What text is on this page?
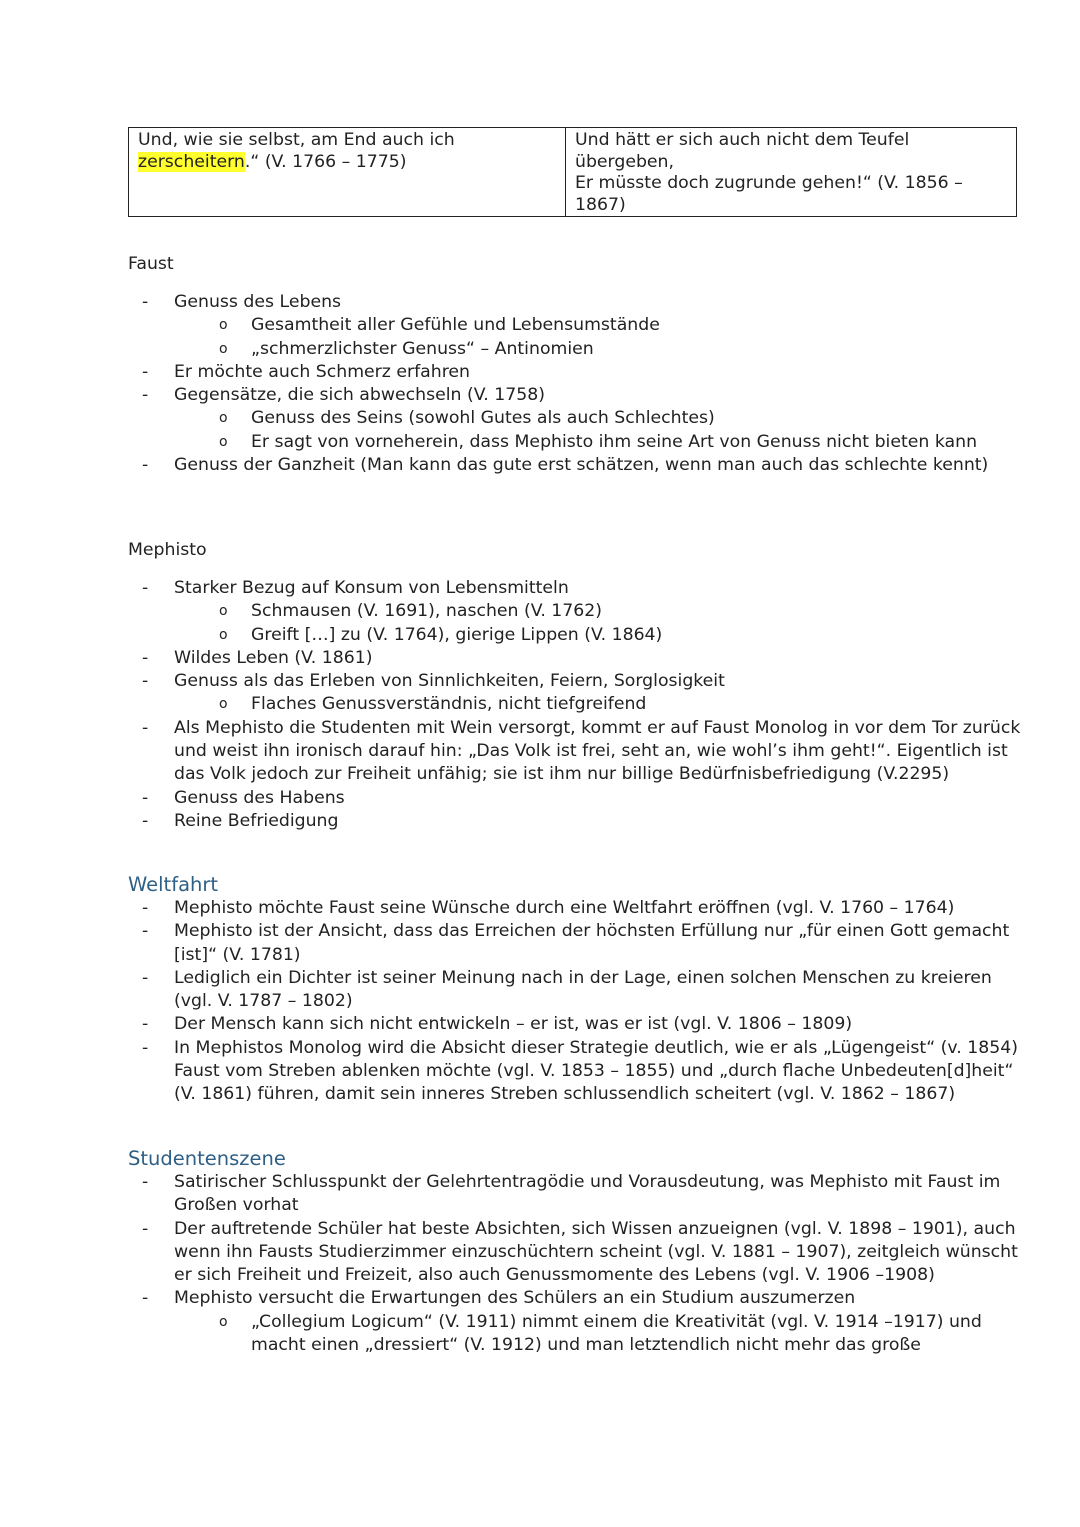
Und, wie sie selbst, am End auch ich
zerscheitern.“ (V. 1766 – 1775)	Und hätt er sich auch nicht dem Teufel
übergeben,
Er müsste doch zugrunde gehen!“ (V. 1856 –
1867)

Faust

- Genuss des Lebens
o Gesamtheit aller Gefühle und Lebensumstände
o „schmerzlichster Genuss“ – Antinomien
- Er möchte auch Schmerz erfahren
- Gegensätze, die sich abwechseln (V. 1758)
o Genuss des Seins (sowohl Gutes als auch Schlechtes)
o Er sagt von vorneherein, dass Mephisto ihm seine Art von Genuss nicht bieten kann
- Genuss der Ganzheit (Man kann das gute erst schätzen, wenn man auch das schlechte kennt)

Mephisto

- Starker Bezug auf Konsum von Lebensmitteln
o Schmausen (V. 1691), naschen (V. 1762)
o Greift […] zu (V. 1764), gierige Lippen (V. 1864)
- Wildes Leben (V. 1861)
- Genuss als das Erleben von Sinnlichkeiten, Feiern, Sorglosigkeit
o Flaches Genussverständnis, nicht tiefgreifend
- Als Mephisto die Studenten mit Wein versorgt, kommt er auf Faust Monolog in vor dem Tor zurück und weist ihn ironisch darauf hin: „Das Volk ist frei, seht an, wie wohl’s ihm geht!“. Eigentlich ist das Volk jedoch zur Freiheit unfähig; sie ist ihm nur billige Bedürfnisbefriedigung (V.2295)
- Genuss des Habens
- Reine Befriedigung

Weltfahrt

- Mephisto möchte Faust seine Wünsche durch eine Weltfahrt eröffnen (vgl. V. 1760 – 1764)
- Mephisto ist der Ansicht, dass das Erreichen der höchsten Erfüllung nur „für einen Gott gemacht [ist]“ (V. 1781)
- Lediglich ein Dichter ist seiner Meinung nach in der Lage, einen solchen Menschen zu kreieren (vgl. V. 1787 – 1802)
- Der Mensch kann sich nicht entwickeln – er ist, was er ist (vgl. V. 1806 – 1809)
- In Mephistos Monolog wird die Absicht dieser Strategie deutlich, wie er als „Lügengeist“ (v. 1854) Faust vom Streben ablenken möchte (vgl. V. 1853 – 1855) und „durch flache Unbedeuten[d]heit“ (V. 1861) führen, damit sein inneres Streben schlussendlich scheitert (vgl. V. 1862 – 1867)

Studentenszene

- Satirischer Schlusspunkt der Gelehrtentragödie und Vorausdeutung, was Mephisto mit Faust im Großen vorhat
- Der auftretende Schüler hat beste Absichten, sich Wissen anzueignen (vgl. V. 1898 – 1901), auch wenn ihn Fausts Studierzimmer einzuschüchtern scheint (vgl. V. 1881 – 1907), zeitgleich wünscht er sich Freiheit und Freizeit, also auch Genussmomente des Lebens (vgl. V. 1906 –1908)
- Mephisto versucht die Erwartungen des Schülers an ein Studium auszumerzen
o „Collegium Logicum“ (V. 1911) nimmt einem die Kreativität (vgl. V. 1914 –1917) und macht einen „dressiert“ (V. 1912) und man letztendlich nicht mehr das große
